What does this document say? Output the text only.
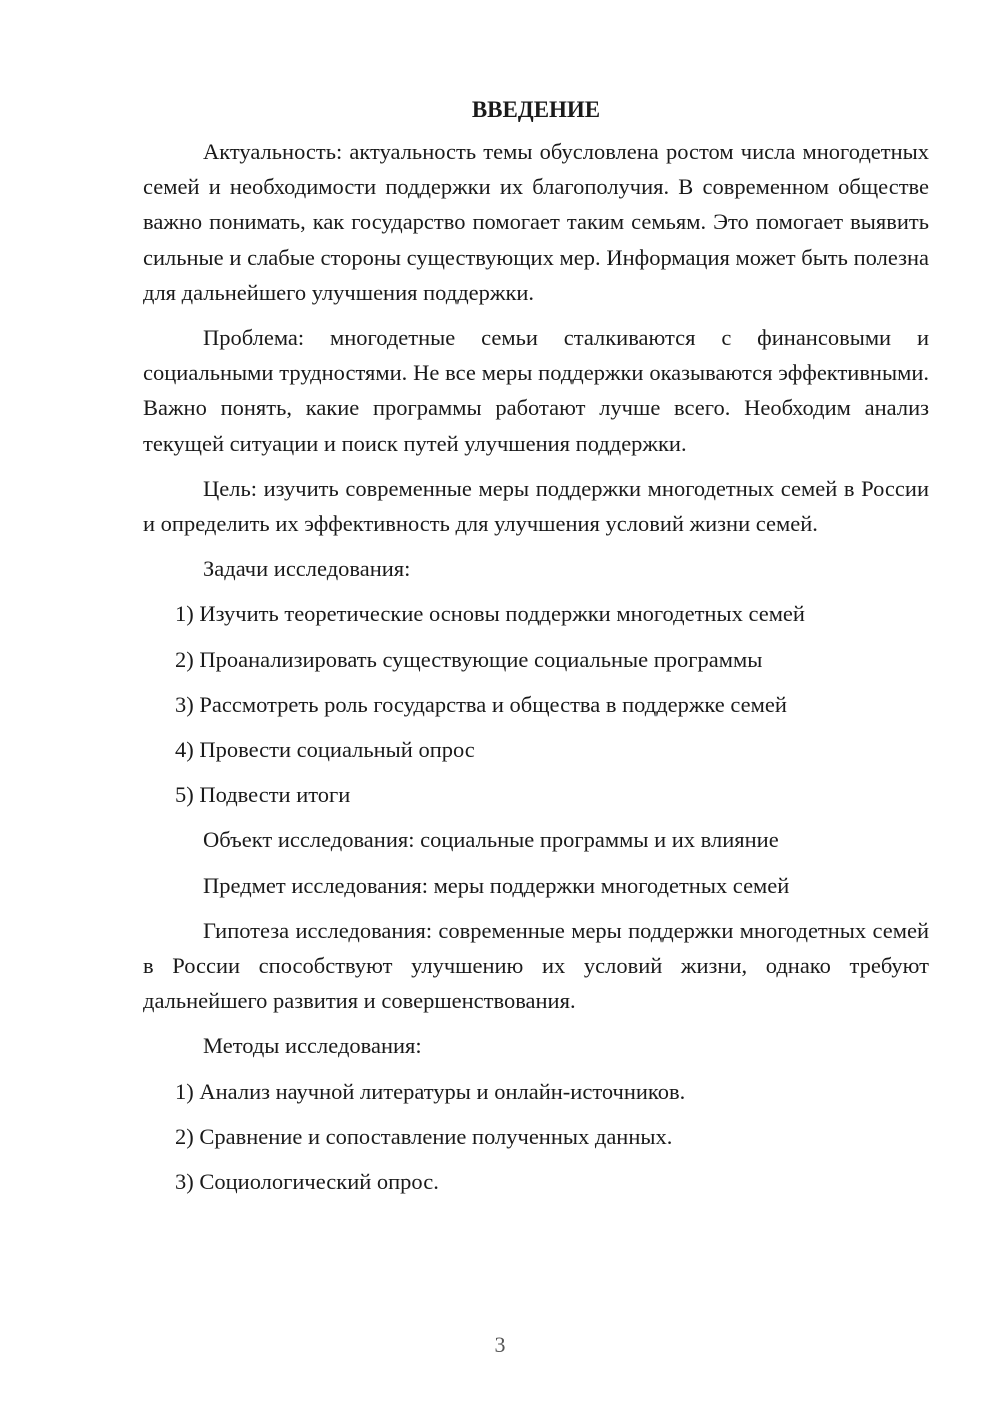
ВВЕДЕНИЕ
Актуальность: актуальность темы обусловлена ростом числа многодетных семей и необходимости поддержки их благополучия. В современном обществе важно понимать, как государство помогает таким семьям. Это помогает выявить сильные и слабые стороны существующих мер. Информация может быть полезна для дальнейшего улучшения поддержки.
Проблема: многодетные семьи сталкиваются с финансовыми и социальными трудностями. Не все меры поддержки оказываются эффективными. Важно понять, какие программы работают лучше всего. Необходим анализ текущей ситуации и поиск путей улучшения поддержки.
Цель: изучить современные меры поддержки многодетных семей в России и определить их эффективность для улучшения условий жизни семей.
Задачи исследования:
1) Изучить теоретические основы поддержки многодетных семей
2) Проанализировать существующие социальные программы
3) Рассмотреть роль государства и общества в поддержке семей
4) Провести социальный опрос
5) Подвести итоги
Объект исследования: социальные программы и их влияние
Предмет исследования: меры поддержки многодетных семей
Гипотеза исследования: современные меры поддержки многодетных семей в России способствуют улучшению их условий жизни, однако требуют дальнейшего развития и совершенствования.
Методы исследования:
1) Анализ научной литературы и онлайн-источников.
2) Сравнение и сопоставление полученных данных.
3) Социологический опрос.
3
